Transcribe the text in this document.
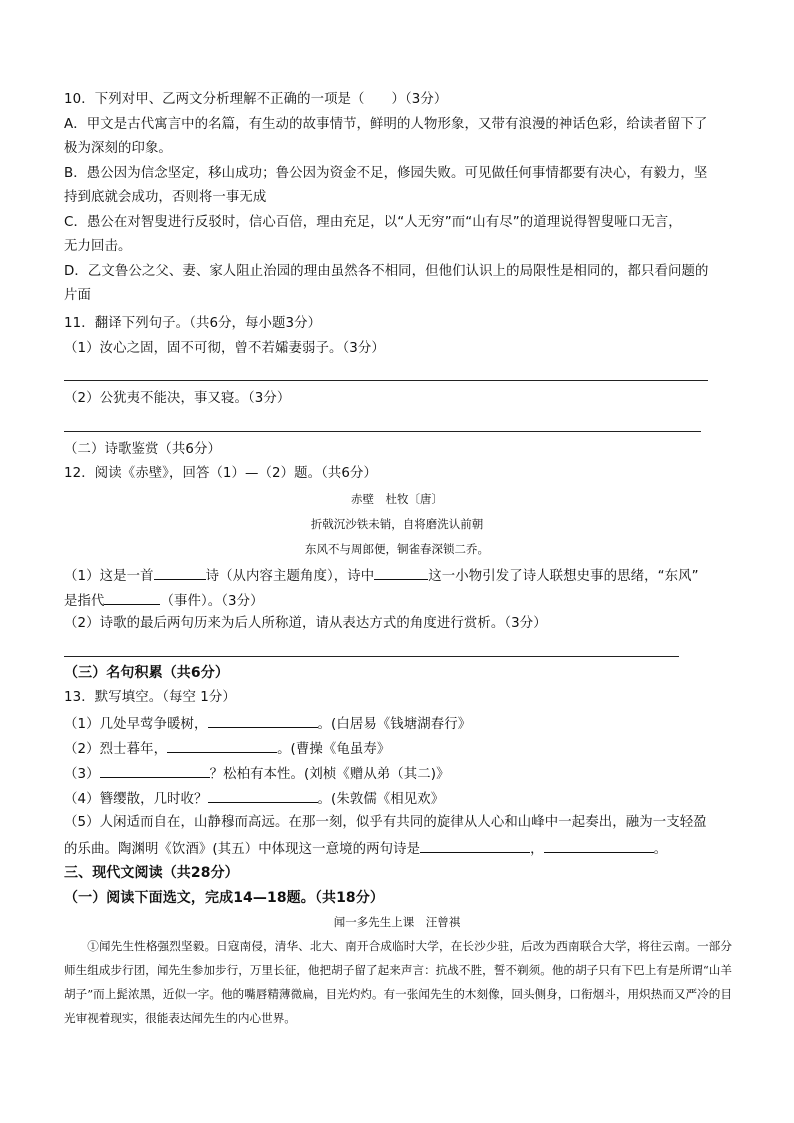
10．下列对甲、乙两文分析理解不正确的一项是（　　）（3分）
A．甲文是古代寓言中的名篇，有生动的故事情节，鲜明的人物形象，又带有浪漫的神话色彩，给读者留下了
极为深刻的印象。
B．愚公因为信念坚定，移山成功；鲁公因为资金不足，修园失败。可见做任何事情都要有决心，有毅力，坚
持到底就会成功，否则将一事无成
C．愚公在对智叟进行反驳时，信心百倍，理由充足，以“人无穷”而“山有尽”的道理说得智叟哑口无言，
无力回击。
D．乙文鲁公之父、妻、家人阻止治园的理由虽然各不相同，但他们认识上的局限性是相同的，都只看问题的
片面
11．翻译下列句子。（共6分，每小题3分）
（1）汝心之固，固不可彻，曾不若孀妻弱子。（3分）
（2）公犹夷不能决，事又寝。（3分）
（二）诗歌鉴赏（共6分）
12．阅读《赤壁》，回答（1）—（2）题。（共6分）
赤壁　杜牧〔唐〕
折戟沉沙铁未销，自将磨洗认前朝
东风不与周郎便，铜雀春深锁二乔。
（1）这是一首	诗（从内容主题角度），诗中	这一小物引发了诗人联想史事的思绪，“东风”
是指代	（事件）。（3分）
（2）诗歌的最后两句历来为后人所称道，请从表达方式的角度进行赏析。（3分）
（三）名句积累（共6分）
13．默写填空。（每空 1分）
（1）几处早莺争暖树，	。(白居易《钱塘湖春行》
（2）烈士暮年，	。(曹操《龟虽寿》
（3）	？松柏有本性。(刘桢《赠从弟（其二)》
（4）簪缨散，几时收？	。(朱敦儒《相见欢》
（5）人闲适而自在，山静穆而高远。在那一刻，似乎有共同的旋律从人心和山峰中一起奏出，融为一支轻盈
的乐曲。陶渊明《饮酒》(其五）中体现这一意境的两句诗是	，	。
三、现代文阅读（共28分）
（一）阅读下面选文，完成14—18题。（共18分）
闻一多先生上课　汪曾祺
①闻先生性格强烈坚毅。日寇南侵，清华、北大、南开合成临时大学，在长沙少驻，后改为西南联合大学，将往云南。一部分师生组成步行团，闻先生参加步行，万里长征，他把胡子留了起来声言：抗战不胜，誓不剃须。他的胡子只有下巴上有是所谓“山羊胡子”而上髭浓黑，近似一字。他的嘴唇精薄微扁，目光灼灼。有一张闻先生的木刻像，回头侧身，口衔烟斗，用炽热而又严冷的目光审视着现实，很能表达闻先生的内心世界。
